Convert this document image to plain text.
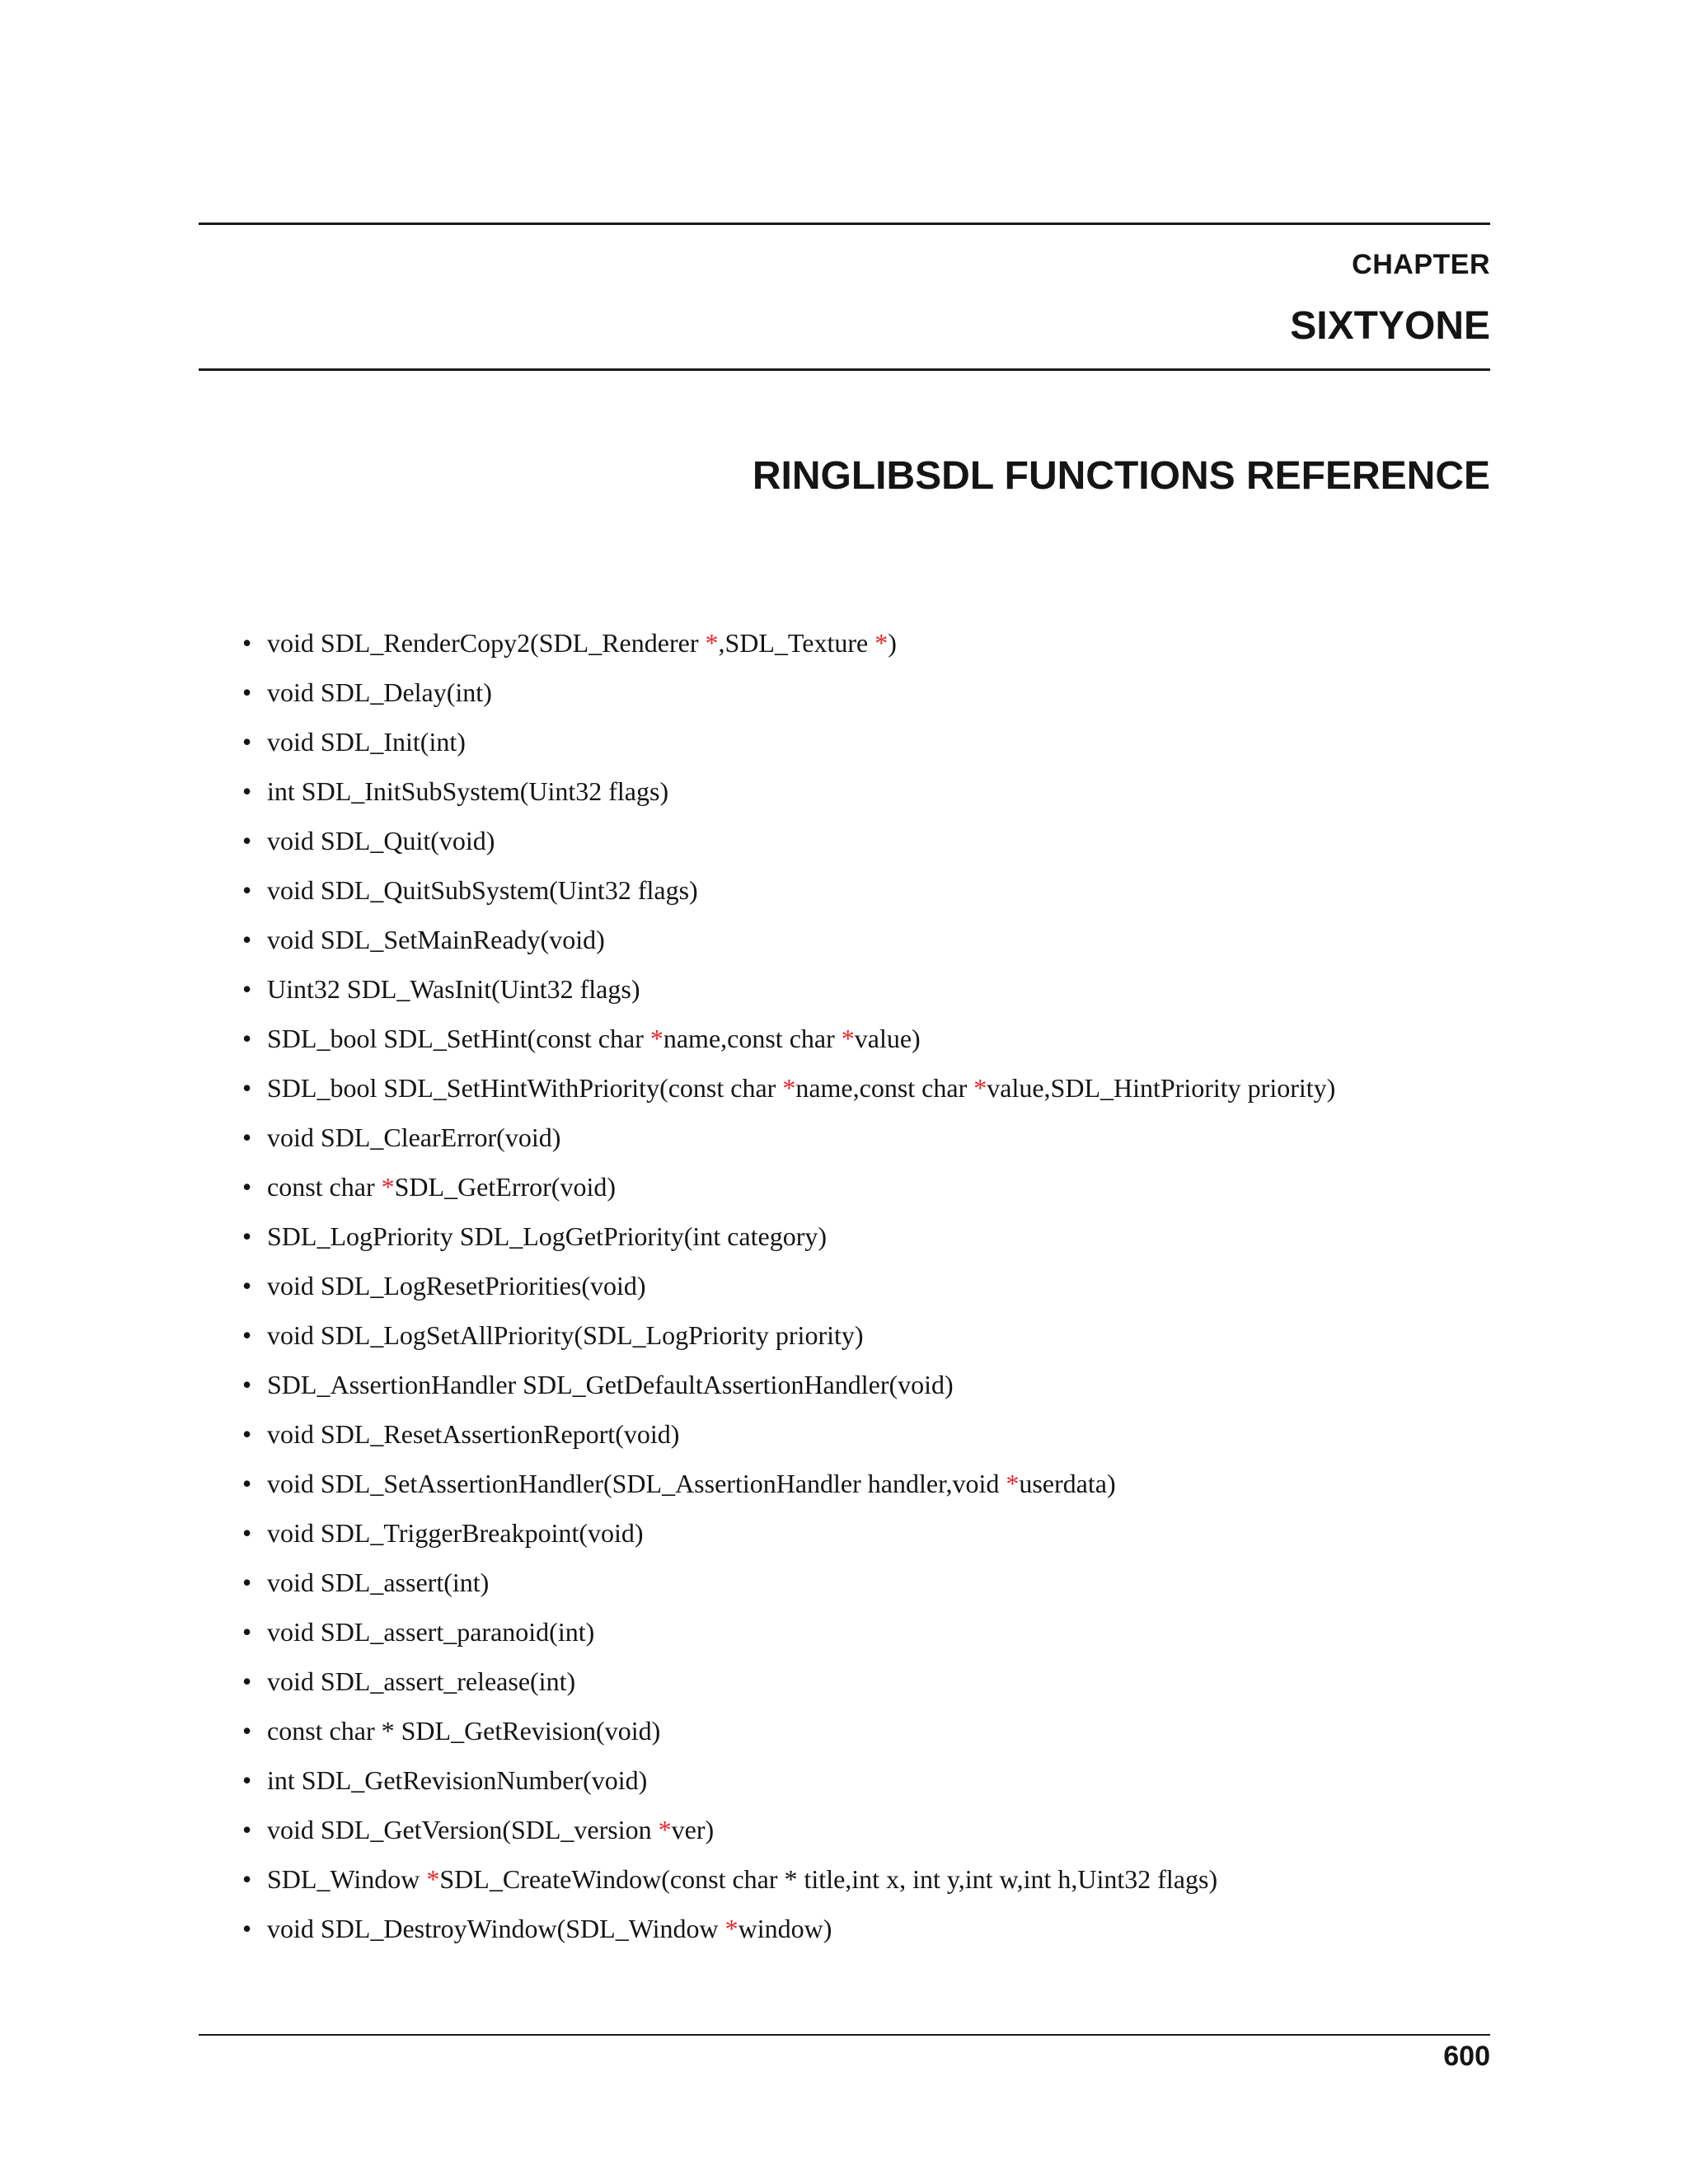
CHAPTER

SIXTYONE

RINGLIBSDL FUNCTIONS REFERENCE
• void SDL_RenderCopy2(SDL_Renderer *,SDL_Texture *)
• void SDL_Delay(int)
• void SDL_Init(int)
• int SDL_InitSubSystem(Uint32 flags)
• void SDL_Quit(void)
• void SDL_QuitSubSystem(Uint32 flags)
• void SDL_SetMainReady(void)
• Uint32 SDL_WasInit(Uint32 flags)
• SDL_bool SDL_SetHint(const char *name,const char *value)
• SDL_bool SDL_SetHintWithPriority(const char *name,const char *value,SDL_HintPriority priority)
• void SDL_ClearError(void)
• const char *SDL_GetError(void)
• SDL_LogPriority SDL_LogGetPriority(int category)
• void SDL_LogResetPriorities(void)
• void SDL_LogSetAllPriority(SDL_LogPriority priority)
• SDL_AssertionHandler SDL_GetDefaultAssertionHandler(void)
• void SDL_ResetAssertionReport(void)
• void SDL_SetAssertionHandler(SDL_AssertionHandler handler,void *userdata)
• void SDL_TriggerBreakpoint(void)
• void SDL_assert(int)
• void SDL_assert_paranoid(int)
• void SDL_assert_release(int)
• const char * SDL_GetRevision(void)
• int SDL_GetRevisionNumber(void)
• void SDL_GetVersion(SDL_version *ver)
• SDL_Window *SDL_CreateWindow(const char * title,int x, int y,int w,int h,Uint32 flags)
• void SDL_DestroyWindow(SDL_Window *window)

600
